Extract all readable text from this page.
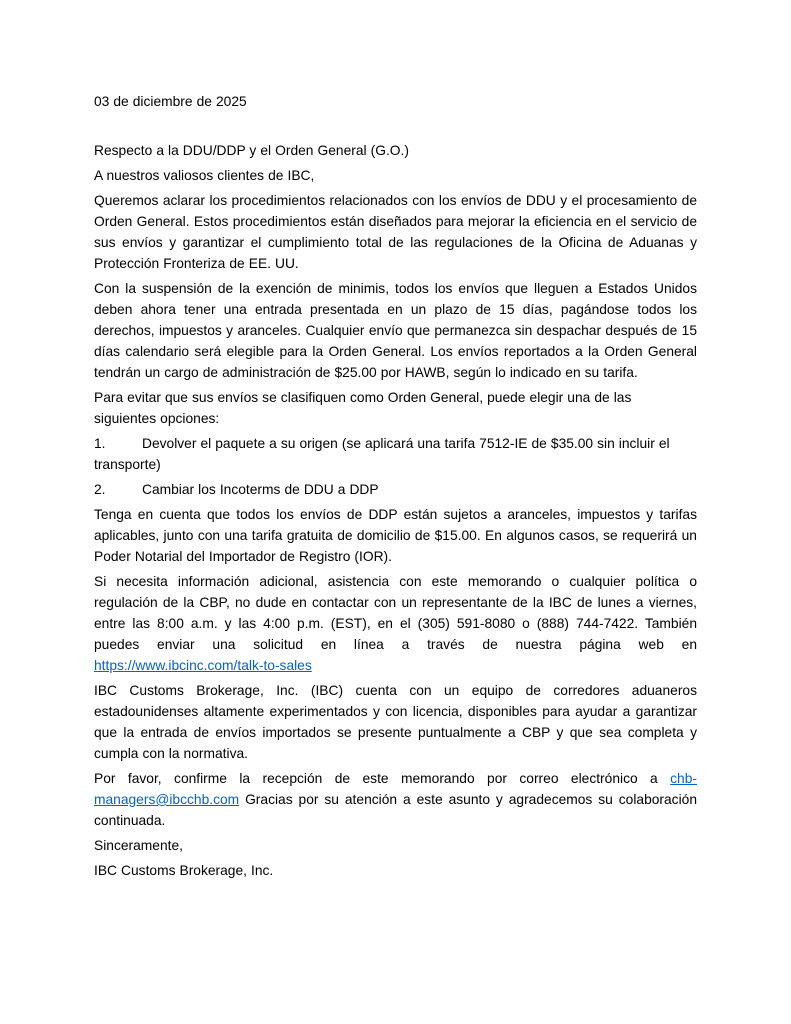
03 de diciembre de 2025

Respecto a la DDU/DDP y el Orden General (G.O.)

A nuestros valiosos clientes de IBC,

Queremos aclarar los procedimientos relacionados con los envíos de DDU y el procesamiento de Orden General. Estos procedimientos están diseñados para mejorar la eficiencia en el servicio de sus envíos y garantizar el cumplimiento total de las regulaciones de la Oficina de Aduanas y Protección Fronteriza de EE. UU.

Con la suspensión de la exención de minimis, todos los envíos que lleguen a Estados Unidos deben ahora tener una entrada presentada en un plazo de 15 días, pagándose todos los derechos, impuestos y aranceles. Cualquier envío que permanezca sin despachar después de 15 días calendario será elegible para la Orden General. Los envíos reportados a la Orden General tendrán un cargo de administración de $25.00 por HAWB, según lo indicado en su tarifa.

Para evitar que sus envíos se clasifiquen como Orden General, puede elegir una de las siguientes opciones:

1.	Devolver el paquete a su origen (se aplicará una tarifa 7512-IE de $35.00 sin incluir el transporte)

2.	Cambiar los Incoterms de DDU a DDP

Tenga en cuenta que todos los envíos de DDP están sujetos a aranceles, impuestos y tarifas aplicables, junto con una tarifa gratuita de domicilio de $15.00. En algunos casos, se requerirá un Poder Notarial del Importador de Registro (IOR).

Si necesita información adicional, asistencia con este memorando o cualquier política o regulación de la CBP, no dude en contactar con un representante de la IBC de lunes a viernes, entre las 8:00 a.m. y las 4:00 p.m. (EST), en el (305) 591-8080 o (888) 744-7422. También puedes enviar una solicitud en línea a través de nuestra página web en https://www.ibcinc.com/talk-to-sales

IBC Customs Brokerage, Inc. (IBC) cuenta con un equipo de corredores aduaneros estadounidenses altamente experimentados y con licencia, disponibles para ayudar a garantizar que la entrada de envíos importados se presente puntualmente a CBP y que sea completa y cumpla con la normativa.

Por favor, confirme la recepción de este memorando por correo electrónico a chb-managers@ibcchb.com Gracias por su atención a este asunto y agradecemos su colaboración continuada.

Sinceramente,

IBC Customs Brokerage, Inc.
